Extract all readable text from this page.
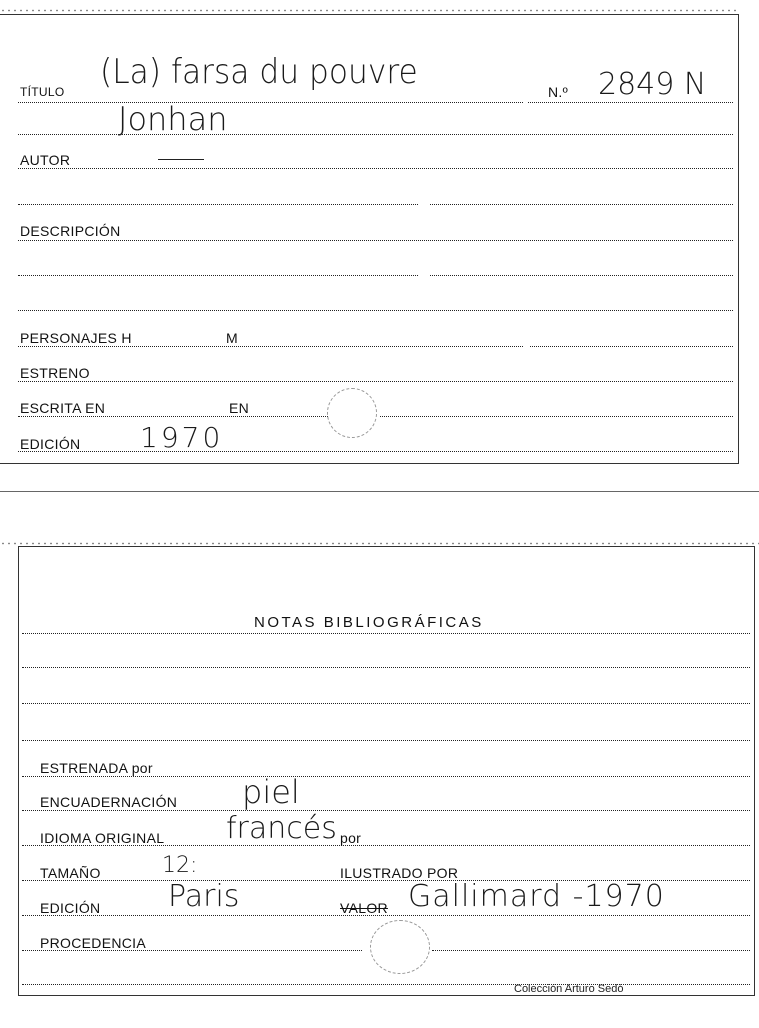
TÍTULO (La) farsa du pouvre	N.º 2849 N
Jonhan
AUTOR
DESCRIPCIÓN
PERSONAJES H	M
ESTRENO
ESCRITA EN	EN
EDICIÓN 1970
NOTAS BIBLIOGRÁFICAS
ESTRENADA por
ENCUADERNACIÓN piel
IDIOMA ORIGINAL francés por
TAMAÑO	12:	ILUSTRADO POR
EDICIÓN Paris	VALOR Gallimard -1970
PROCEDENCIA
Colección Arturo Sedó
